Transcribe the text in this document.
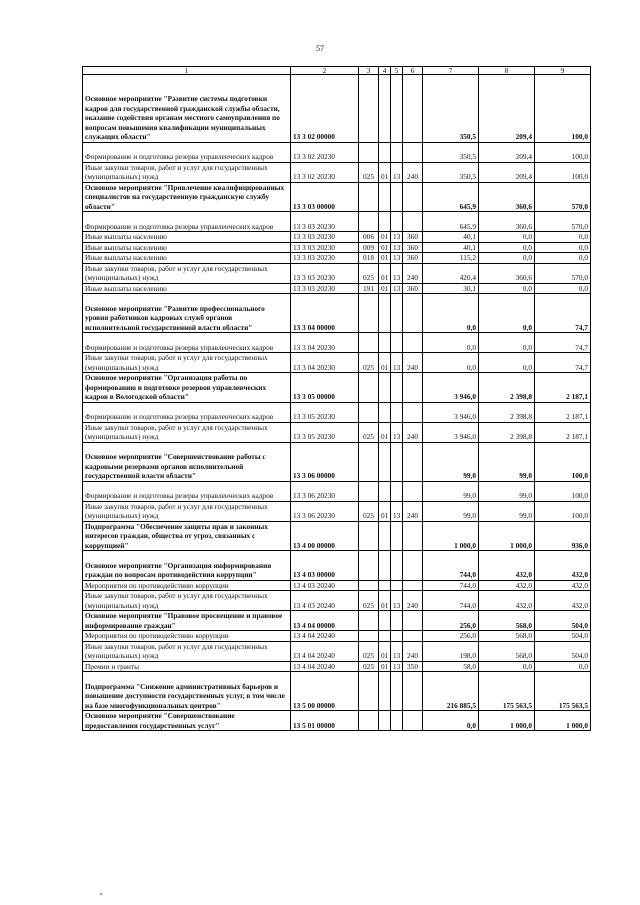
57
1	2	3	4	5	6	7	8	9
Основное мероприятие "Развитие системы подготовки кадров для государственной гражданской службы области, оказание содействия органам местного самоуправления по вопросам повышения квалификации муниципальных служащих области"	13 3 02 00000					350,5	209,4	100,0
Формирование и подготовка резерва управленческих кадров	13 3 02 20230					350,5	209,4	100,0
Иные закупки товаров, работ и услуг для государственных (муниципальных) нужд	13 3 02 20230	025	01	13	240	350,5	209,4	100,0
Основное мероприятие "Привлечение квалифицированных специалистов на государственную гражданскую службу области"	13 3 03 00000					645,9	360,6	570,0
Формирование и подготовка резерва управленческих кадров	13 3 03 20230					645,9	360,6	570,0
Иные выплаты населению	13 3 03 20230	006	01	13	360	40,1	0,0	0,0
Иные выплаты населению	13 3 03 20230	009	01	13	360	40,1	0,0	0,0
Иные выплаты населению	13 3 03 20230	018	01	13	360	115,2	0,0	0,0
Иные закупки товаров, работ и услуг для государственных (муниципальных) нужд	13 3 03 20230	025	01	13	240	420,4	360,6	570,0
Иные выплаты населению	13 3 03 20230	191	01	13	360	30,1	0,0	0,0
Основное мероприятие "Развитие профессионального уровня работников кадровых служб органов исполнительной государственной власти области"	13 3 04 00000					0,0	0,0	74,7
Формирование и подготовка резерва управленческих кадров	13 3 04 20230					0,0	0,0	74,7
Иные закупки товаров, работ и услуг для государственных (муниципальных) нужд	13 3 04 20230	025	01	13	240	0,0	0,0	74,7
Основное мероприятие "Организация работы по формированию и подготовке резервов управленческих кадров в Вологодской области"	13 3 05 00000					3 946,0	2 398,8	2 187,1
Формирование и подготовка резерва управленческих кадров	13 3 05 20230					3 946,0	2 398,8	2 187,1
Иные закупки товаров, работ и услуг для государственных (муниципальных) нужд	13 3 05 20230	025	01	13	240	3 946,0	2 398,8	2 187,1
Основное мероприятие "Совершенствование работы с кадровыми резервами органов исполнительной государственной власти области"	13 3 06 00000					99,0	99,0	100,0
Формирование и подготовка резерва управленческих кадров	13 3 06 20230					99,0	99,0	100,0
Иные закупки товаров, работ и услуг для государственных (муниципальных) нужд	13 3 06 20230	025	01	13	240	99,0	99,0	100,0
Подпрограмма "Обеспечение защиты прав и законных интересов граждан, общества от угроз, связанных с коррупцией"	13 4 00 00000					1 000,0	1 000,0	936,0
Основное мероприятие "Организация информирования граждан по вопросам противодействия коррупции"	13 4 03 00000					744,0	432,0	432,0
Мероприятия по противодействию коррупции	13 4 03 20240					744,0	432,0	432,0
Иные закупки товаров, работ и услуг для государственных (муниципальных) нужд	13 4 03 20240	025	01	13	240	744,0	432,0	432,0
Основное мероприятие "Правовое просвещение и правовое информирование граждан"	13 4 04 00000					256,0	568,0	504,0
Мероприятия по противодействию коррупции	13 4 04 20240					256,0	568,0	504,0
Иные закупки товаров, работ и услуг для государственных (муниципальных) нужд	13 4 04 20240	025	01	13	240	198,0	568,0	504,0
Премии и гранты	13 4 04 20240	025	01	13	350	58,0	0,0	0,0
Подпрограмма "Снижение административных барьеров и повышение доступности государственных услуг, в том числе на базе многофункциональных центров"	13 5 00 00000					216 885,5	175 563,5	175 563,5
Основное мероприятие "Совершенствование предоставления государственных услуг"	13 5 01 00000					0,0	1 000,0	1 000,0
